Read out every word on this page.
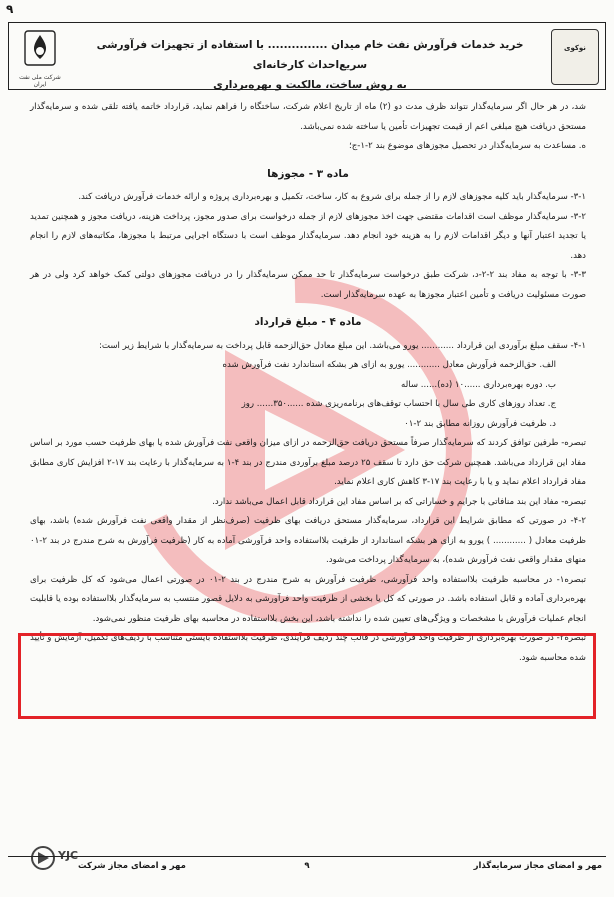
نوکوی
خرید خدمات فرآورش نفت خام میدان ............... با استفاده از تجهیزات فرآورشی سریع‌احداث کارخانه‌ای
به روش ساخت، مالکیت و بهره‌برداری
شرکت ملی نفت ایران
۹

شد، در هر حال اگر سرمایه‌گذار نتواند ظرف مدت دو (۲) ماه از تاریخ اعلام شرکت، ساختگاه را فراهم نماید، قرارداد خاتمه یافته تلقی شده و سرمایه‌گذار مستحق دریافت هیچ مبلغی اعم از قیمت تجهیزات تأمین یا ساخته شده نمی‌باشد.

ه. مساعدت به سرمایه‌گذار در تحصیل مجوزهای موضوع بند ۲-۱-ج؛

ماده ۳ - مجوزها

۳-۱- سرمایه‌گذار باید کلیه مجوزهای لازم را از جمله برای شروع به کار، ساخت، تکمیل و بهره‌برداری پروژه و ارائه خدمات فرآورش دریافت کند.

۳-۲- سرمایه‌گذار موظف است اقدامات مقتضی جهت اخذ مجوزهای لازم از جمله درخواست برای صدور مجوز، پرداخت هزینه، دریافت مجوز و همچنین تمدید یا تجدید اعتبار آنها و دیگر اقدامات لازم را به هزینه خود انجام دهد. سرمایه‌گذار موظف است با دستگاه اجرایی مرتبط با مجوزها، مکاتبه‌های لازم را انجام دهد.

۳-۳- با توجه به مفاد بند ۲-۲-د، شرکت طبق درخواست سرمایه‌گذار تا حد ممکن سرمایه‌گذار را در دریافت مجوزهای دولتی کمک خواهد کرد ولی در هر صورت مسئولیت دریافت و تأمین اعتبار مجوزها به عهده سرمایه‌گذار است.

ماده ۴ - مبلغ قرارداد

۴-۱- سقف مبلغ برآوردی این قرارداد ............ یورو می‌باشد. این مبلغ معادل حق‌الزحمه قابل پرداخت به سرمایه‌گذار با شرایط زیر است:

الف. حق‌الزحمه فرآورش معادل ............ یورو به ازای هر بشکه استاندارد نفت فرآورش شده

ب. دوره بهره‌برداری ......۱۰ (ده)...... ساله

ج. تعداد روزهای کاری طی سال با احتساب توقف‌های برنامه‌ریزی شده ......۳۵۰...... روز

د. ظرفیت فرآورش روزانه مطابق بند ۲-۰۱

تبصره- طرفین توافق کردند که سرمایه‌گذار صرفاً مستحق دریافت حق‌الزحمه در ازای میزان واقعی نفت فرآورش شده یا بهای ظرفیت حسب مورد بر اساس مفاد این قرارداد می‌باشد. همچنین شرکت حق دارد تا سقف ۲۵ درصد مبلغ برآوردی مندرج در بند ۴-۱ به سرمایه‌گذار با رعایت بند ۱۷-۲ افزایش کاری مطابق مفاد قرارداد اعلام نماید و یا با رعایت بند ۱۷-۳ کاهش کاری اعلام نماید.

تبصره- مفاد این بند منافاتی با جرایم و خساراتی که بر اساس مفاد این قرارداد قابل اعمال می‌باشد ندارد.

۴-۲- در صورتی که مطابق شرایط این قرارداد، سرمایه‌گذار مستحق دریافت بهای ظرفیت (صرف‌نظر از مقدار واقعی نفت فرآورش شده) باشد، بهای ظرفیت معادل ( ............ ) یورو به ازای هر بشکه استاندارد از ظرفیت بلااستفاده واحد فرآورشی آماده به کار (ظرفیت فرآورش به شرح مندرج در بند ۲-۰۱ منهای مقدار واقعی نفت فرآورش شده)، به سرمایه‌گذار پرداخت می‌شود.

تبصره۱- در محاسبه ظرفیت بلااستفاده واحد فرآورشی، ظرفیت فرآورش به شرح مندرج در بند ۲-۰۱ در صورتی اعمال می‌شود که کل ظرفیت برای بهره‌برداری آماده و قابل استفاده باشد. در صورتی که کل یا بخشی از ظرفیت واحد فرآورشی به دلایل قصور منتسب به سرمایه‌گذار بلااستفاده بوده یا قابلیت انجام عملیات فرآورش با مشخصات و ویژگی‌های تعیین شده را نداشته باشد، این بخش بلااستفاده در محاسبه بهای ظرفیت منظور نمی‌شود.

تبصره۲- در صورت بهره‌برداری از ظرفیت واحد فرآورشی در قالب چند ردیف فرآیندی، ظرفیت بلااستفاده بایستی متناسب با ردیف‌های تکمیل، آزمایش و تأیید شده محاسبه شود.

YJC
مهر و امضای مجاز سرمایه‌گذار
۹
مهر و امضای مجاز شرکت
